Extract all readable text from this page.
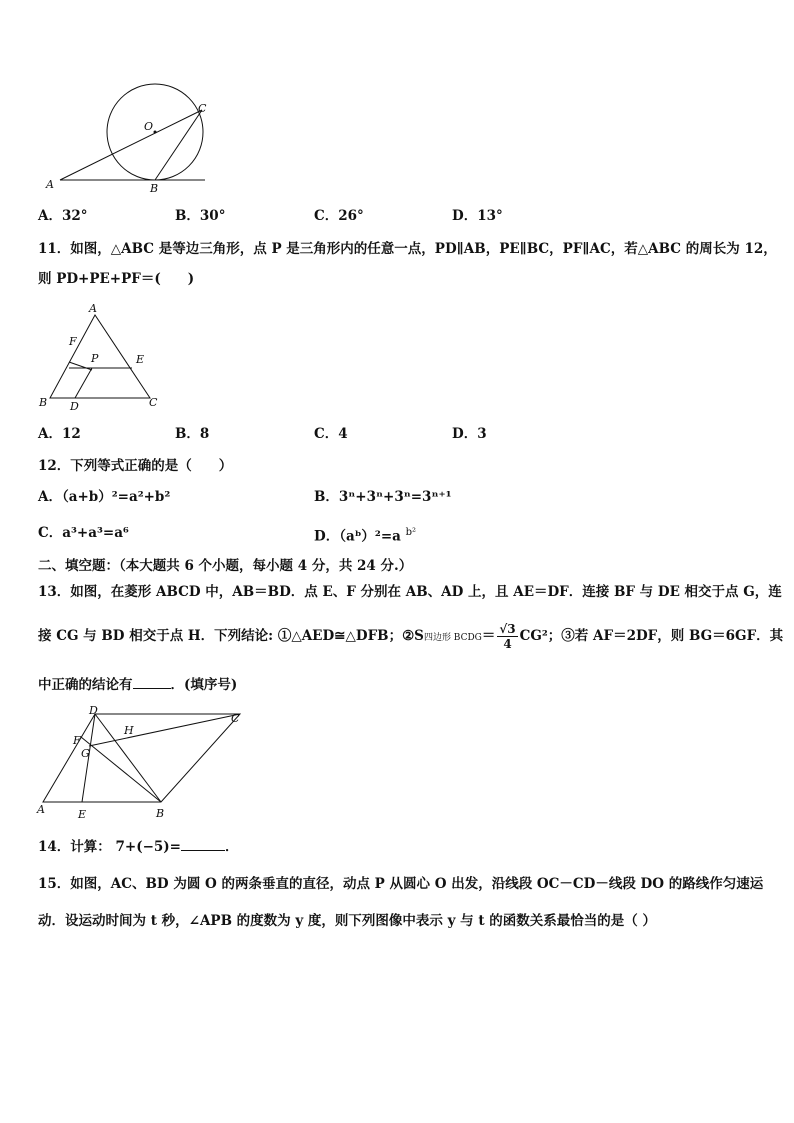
O
C
A	B
A．32°	B．30°	C．26°	D．13°
11．如图，△ABC 是等边三角形，点 P 是三角形内的任意一点，PD∥AB，PE∥BC，PF∥AC，若△ABC 的周长为 12，
则 PD+PE+PF＝(　　)
A
F
P	E
B D	C
A．12	B．8	C．4	D．3
12．下列等式正确的是（　　）
A．（a+b）²=a²+b²	B．3ⁿ+3ⁿ+3ⁿ=3ⁿ⁺¹
C．a³+a³=a⁶	D．（aᵇ）²=a $^{b^2}$
二、填空题：（本大题共 6 个小题，每小题 4 分，共 24 分.）
13．如图，在菱形 ABCD 中，AB＝BD．点 E、F 分别在 AB、AD 上，且 AE＝DF．连接 BF 与 DE 相交于点 G，连
接 CG 与 BD 相交于点 H．下列结论: ①△AED≅△DFB；②S四边形 BCDG＝ $\frac{√3}{4} CG^2$；③若 AF＝2DF，则 BG＝6GF．其
中正确的结论有	．(填序号)
D
H
C
F
G
A	E	B
14．计算： 7+(−5)=	．
15．如图，AC、BD 为圆 O 的两条垂直的直径，动点 P 从圆心 O 出发，沿线段 OC－CD－线段 DO 的路线作匀速运
动．设运动时间为 t 秒，∠APB 的度数为 y 度，则下列图像中表示 y 与 t 的函数关系最恰当的是（ ）
